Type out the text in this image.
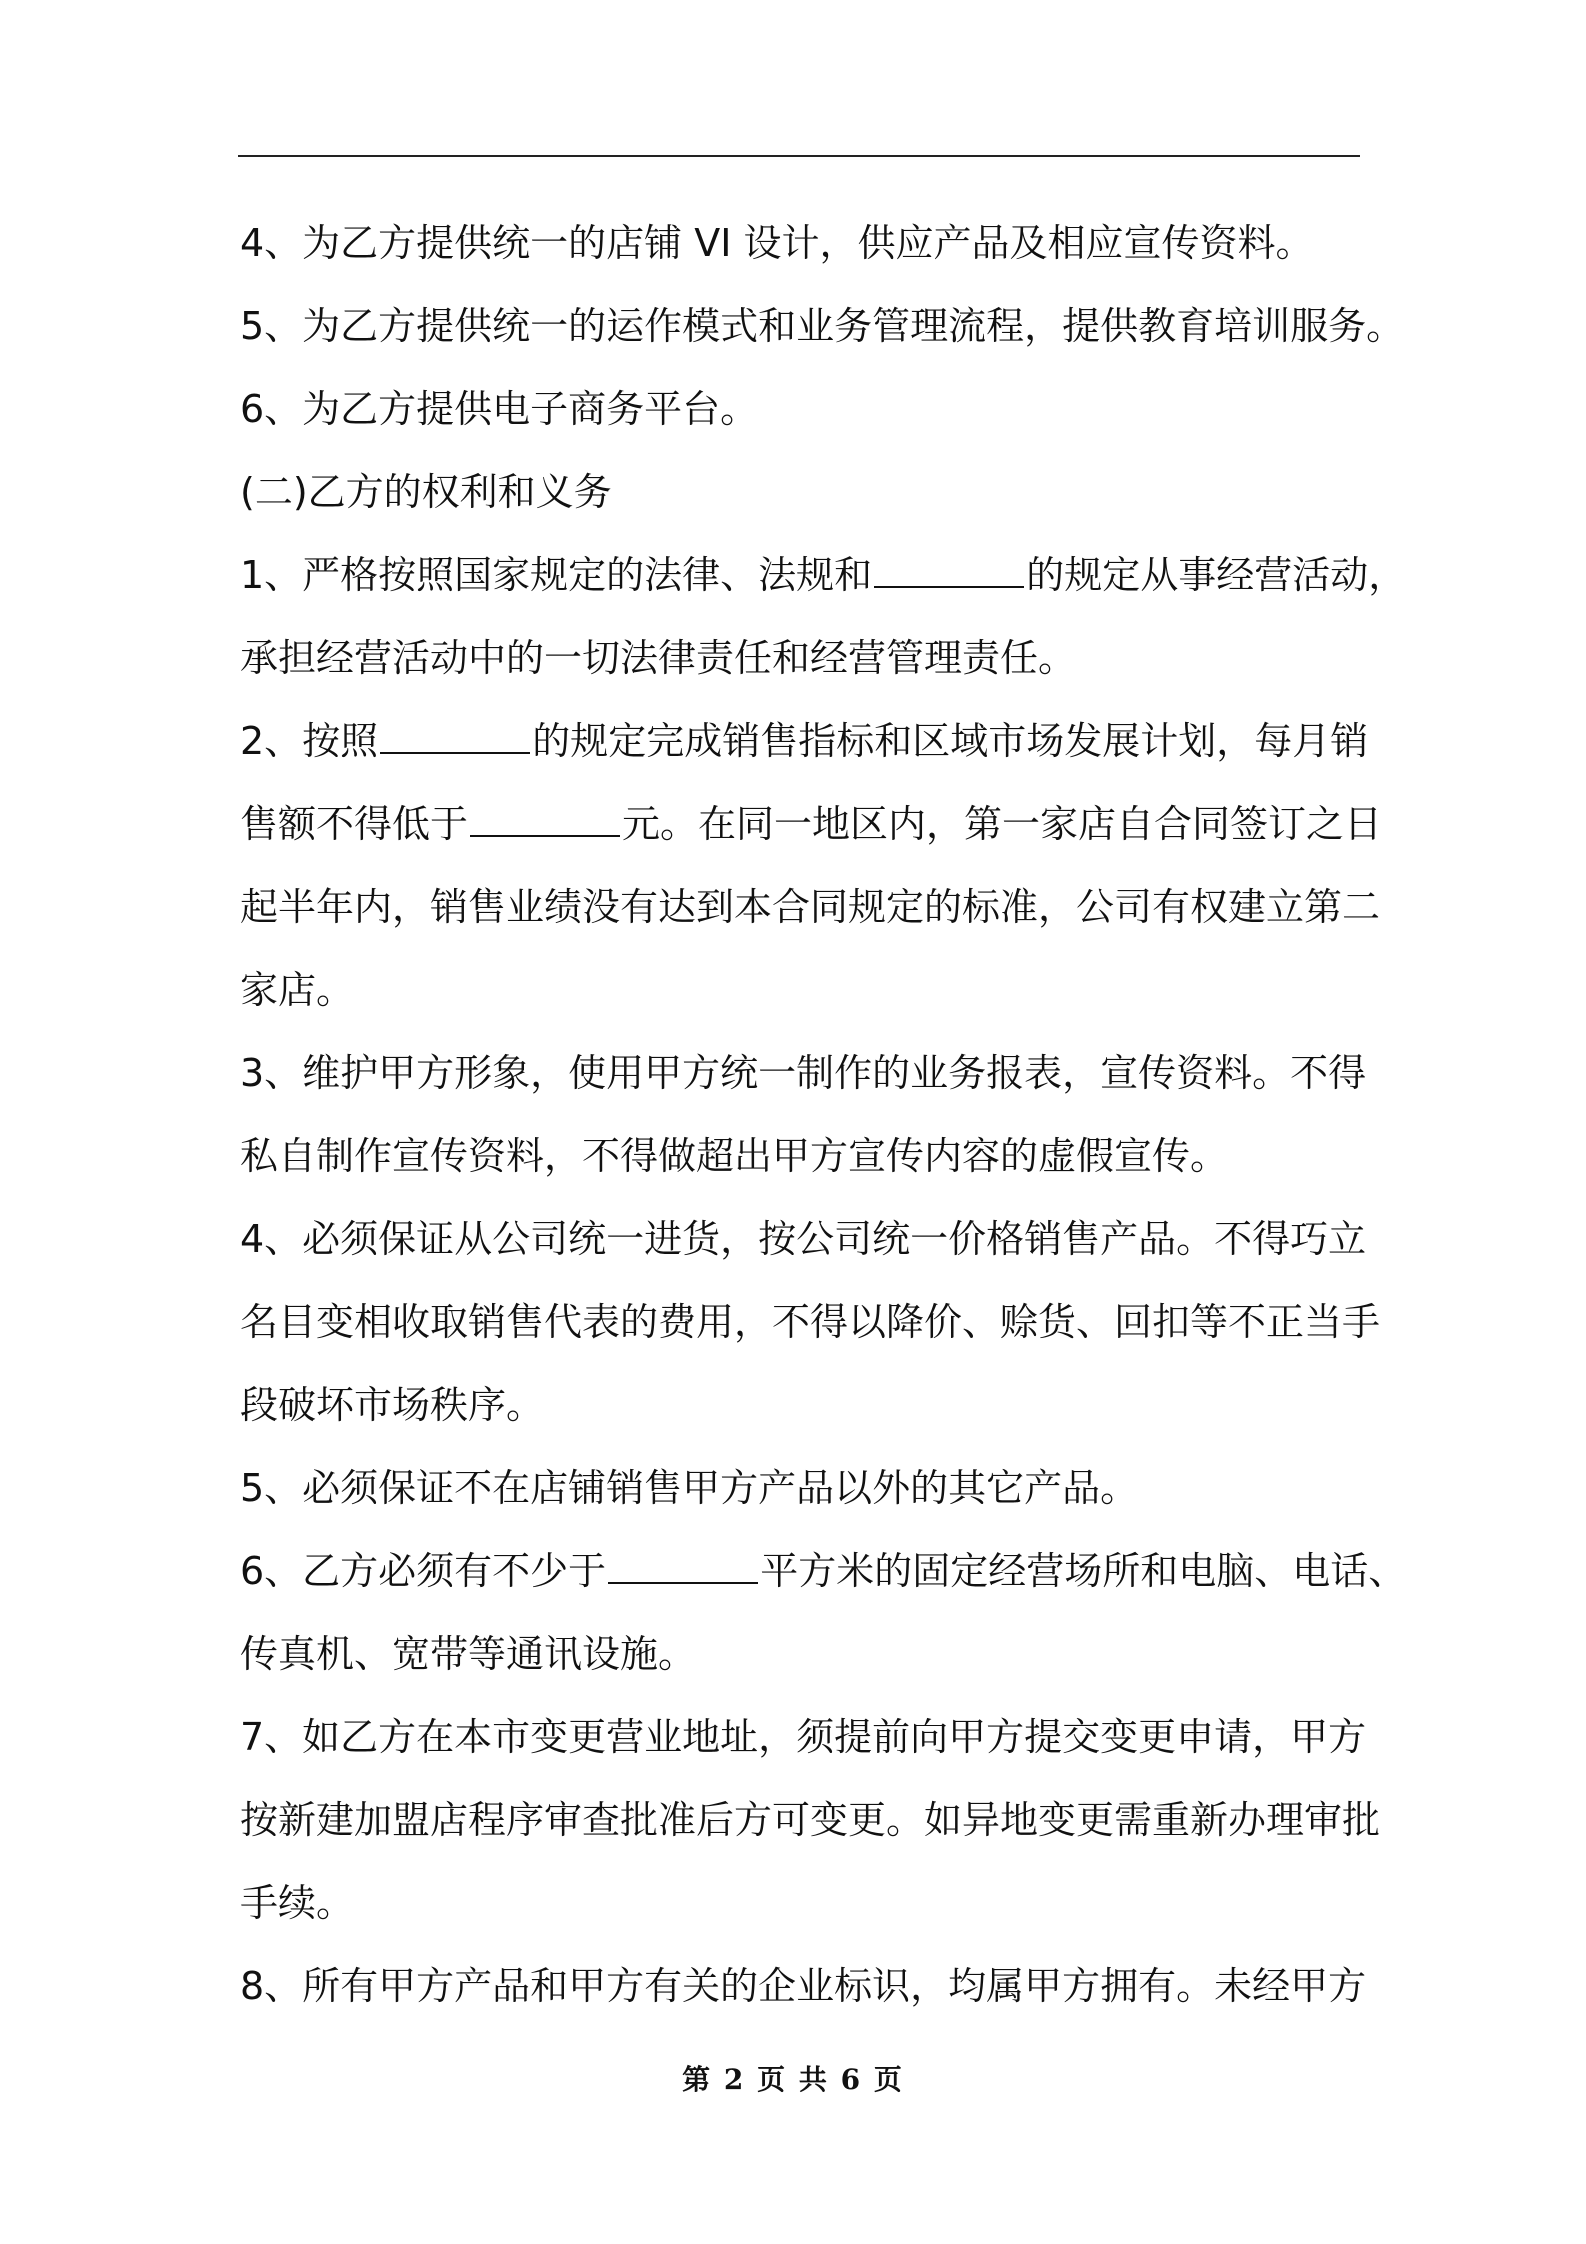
4、为乙方提供统一的店铺 VI 设计，供应产品及相应宣传资料。
5、为乙方提供统一的运作模式和业务管理流程，提供教育培训服务。
6、为乙方提供电子商务平台。
(二)乙方的权利和义务
1、严格按照国家规定的法律、法规和	的规定从事经营活动，
承担经营活动中的一切法律责任和经营管理责任。
2、按照	的规定完成销售指标和区域市场发展计划，每月销
售额不得低于	元。在同一地区内，第一家店自合同签订之日
起半年内，销售业绩没有达到本合同规定的标准，公司有权建立第二
家店。
3、维护甲方形象，使用甲方统一制作的业务报表，宣传资料。不得
私自制作宣传资料，不得做超出甲方宣传内容的虚假宣传。
4、必须保证从公司统一进货，按公司统一价格销售产品。不得巧立
名目变相收取销售代表的费用，不得以降价、赊货、回扣等不正当手
段破坏市场秩序。
5、必须保证不在店铺销售甲方产品以外的其它产品。
6、乙方必须有不少于	平方米的固定经营场所和电脑、电话、
传真机、宽带等通讯设施。
7、如乙方在本市变更营业地址，须提前向甲方提交变更申请，甲方
按新建加盟店程序审查批准后方可变更。如异地变更需重新办理审批
手续。
8、所有甲方产品和甲方有关的企业标识，均属甲方拥有。未经甲方

第 2 页 共 6 页
